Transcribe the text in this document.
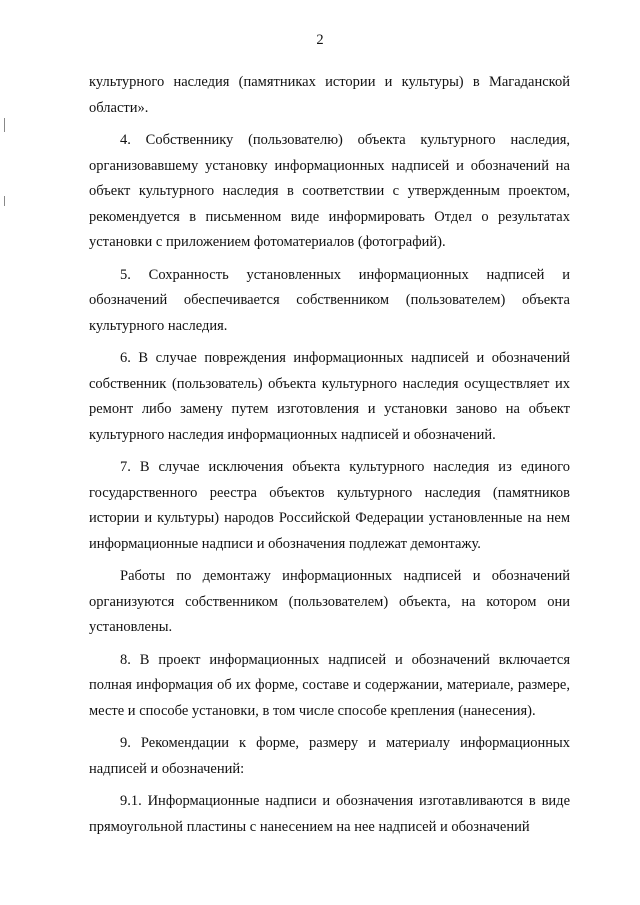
2

культурного наследия (памятниках истории и культуры) в Магаданской области».

4. Собственнику (пользователю) объекта культурного наследия, организовавшему установку информационных надписей и обозначений на объект культурного наследия в соответствии с утвержденным проектом, рекомендуется в письменном виде информировать Отдел о результатах установки с приложением фотоматериалов (фотографий).

5. Сохранность установленных информационных надписей и обозначений обеспечивается собственником (пользователем) объекта культурного наследия.

6. В случае повреждения информационных надписей и обозначений собственник (пользователь) объекта культурного наследия осуществляет их ремонт либо замену путем изготовления и установки заново на объект культурного наследия информационных надписей и обозначений.

7. В случае исключения объекта культурного наследия из единого государственного реестра объектов культурного наследия (памятников истории и культуры) народов Российской Федерации установленные на нем информационные надписи и обозначения подлежат демонтажу.

Работы по демонтажу информационных надписей и обозначений организуются собственником (пользователем) объекта, на котором они установлены.

8. В проект информационных надписей и обозначений включается полная информация об их форме, составе и содержании, материале, размере, месте и способе установки, в том числе способе крепления (нанесения).

9. Рекомендации к форме, размеру и материалу информационных надписей и обозначений:

9.1. Информационные надписи и обозначения изготавливаются в виде прямоугольной пластины с нанесением на нее надписей и обозначений
